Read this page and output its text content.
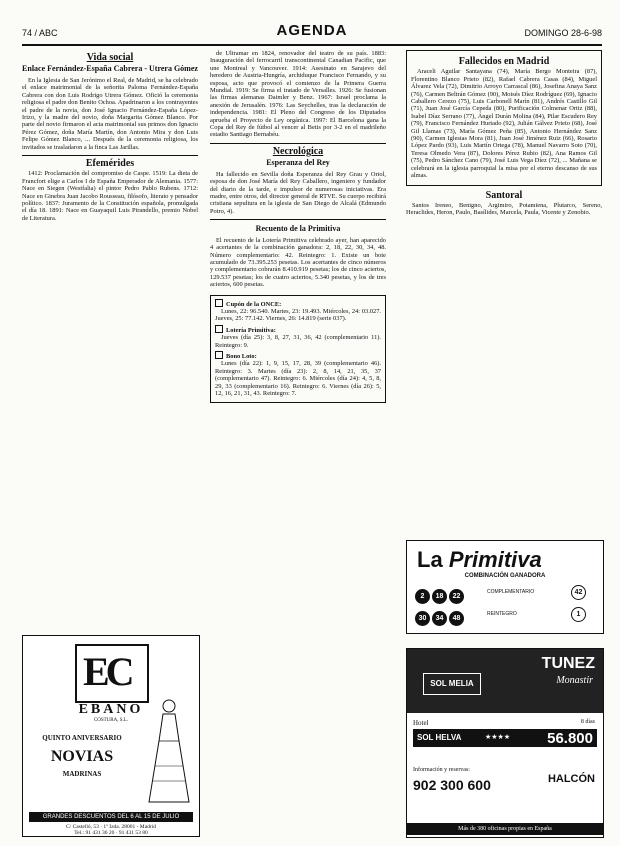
74 / ABC	AGENDA	DOMINGO 28-6-98
Vida social
Enlace Fernández-España Cabrera - Utrera Gómez

En la Iglesia de San Jerónimo el Real, de Madrid, se ha celebrado el enlace matrimonial de la señorita Paloma Fernández-España Cabrera con don Luis Rodrigo Utrera Gómez. Ofició la ceremonia religiosa el padre don Benito Ochoa. Apadrinaron a los contrayentes el padre de la novia, don José Ignacio Fernández-España López-Irizo, y la madre del novio, doña Margarita Gómez Blanco. Por parte del novio firmaron el acta matrimonial sus primos don Ignacio Pérez Gómez, doña María Martín, don Antonio Mira y don Luis Felipe Gómez Blanco, ... Después de la ceremonia religiosa, los invitados se trasladaron a la finca Las Jarillas.

Efemérides

1412: Proclamación del compromiso de Caspe. 1519: La dieta de Francfort elige a Carlos I de España Emperador de Alemania. 1577: Nace en Siegen (Westfalia) el pintor Pedro Pablo Rubens. 1712: Nace en Ginebra Juan Jacobo Rousseau, filósofo, literato y pensador político. 1837: Juramento de la Constitución española, promulgada el día 18. 1891: Nace en Guayaquil Luis Pirandello, premio Nobel de Literatura.

de Ultramar en 1824, renovador del teatro de su país. 1883: Inauguración del ferrocarril transcontinental Canadian Pacific, que une Montreal y Vancouver. 1914: Asesinato en Sarajevo del heredero de Austria-Hungría, archiduque Francisco Fernando, y su esposa, acto que provocó el comienzo de la Primera Guerra Mundial. 1919: Se firma el tratado de Versalles. 1926: Se fusionan las firmas alemanas Daimler y Benz. 1967: Israel proclama la anexión de Jerusalén. 1976: Las Seychelles, tras la declaración de independencia. 1981: El Pleno del Congreso de los Diputados aprueba el Proyecto de Ley orgánica. 1997: El Barcelona gana la Copa del Rey de fútbol al vencer al Betis por 3-2 en el madrileño estadio Santiago Bernabéu.

Necrológica
Esperanza del Rey

Ha fallecido en Sevilla doña Esperanza del Rey Grau y Oriol, esposa de don José María del Rey Caballero, ingeniero y fundador del diario de la tarde, e impulsor de numerosas iniciativas. Era madre, entre otros, del director general de RTVE. Su cuerpo recibirá cristiana sepultura en la iglesia de San Diego de Alcalá (Edmundo Potro, 4).

Recuento de la Primitiva

El recuento de la Lotería Primitiva celebrado ayer, han aparecido 4 acertantes de la combinación ganadora: 2, 18, 22, 30, 34, 48. Número complementario: 42. Reintegro: 1. Existe un bote acumulado de 73.395.253 pesetas. Los acertantes de cinco números y complementario cobrarán 8.410.919 pesetas; los de cinco aciertos, 129.537 pesetas; los de cuatro aciertos, 5.340 pesetas, y los de tres aciertos, 600 pesetas.

Cupón de la ONCE:

Lunes, 22: 96.540. Martes, 23: 19.493. Miércoles, 24: 03.027. Jueves, 25: 77.142. Viernes, 26: 14.819 (serie 037).

Lotería Primitiva:

Jueves (día 25): 3, 8, 27, 31, 36, 42 (complementario 11). Reintegro: 9.

Bono Loto:

Lunes (día 22): 1, 9, 15, 17, 28, 39 (complementario 46). Reintegro: 3. Martes (día 23): 2, 8, 14, 21, 35, 37 (complementario 47). Reintegro: 6. Miércoles (día 24): 4, 5, 8, 29, 33 (complementario 16). Reintegro: 6. Viernes (día 26): 5, 12, 16, 21, 31, 43. Reintegro: 7.

Fallecidos en Madrid

Araceli Aguilar Santayana (74), María Bergo Monteira (87), Florentino Blanco Prieto (82), Rafael Cabrera Casas (84), Miguel Álvarez Vela (72), Dimitrio Arroyo Carrascal (86), Josefina Anaya Sanz (76), Carmen Beltrán Gómez (90), Moisés Díez Rodríguez (69), Ignacio Caballero Cerezo (75), Luis Carbonell Marín (81), Andrés Castillo Gil (71), Juan José García Cepeda (80), Purificación Colmenar Ortiz (88), Isabel Díaz Serrano (77), Ángel Durán Molina (84), Pilar Escudero Rey (79), Francisco Fernández Hurtado (92), Julián Gálvez Prieto (68), José Gil Llamas (73), María Gómez Peña (85), Antonio Hernández Sanz (90), Carmen Iglesias Mora (81), Juan José Jiménez Ruiz (66), Rosario López Pardo (93), Luis Martín Ortega (78), Manuel Navarro Soto (70), Teresa Olmedo Vera (87), Dolores Pérez Rubio (82), Ana Ramos Gil (75), Pedro Sánchez Cano (79), José Luis Vega Díez (72), ... Mañana se celebrará en la iglesia parroquial la misa por el eterno descanso de sus almas.

Santoral

Santos Ireneo, Benigno, Argimiro, Potamiena, Plutarco, Sereno, Heraclides, Heron, Paulo, Basílides, Marcela, Paula, Vicente y Zenobio.

EC
EBANO
COSTURA, S.L.
QUINTO ANIVERSARIO
NOVIAS
MADRINAS
GRANDES DESCUENTOS DEL 6 AL 15 DE JULIO
C/ Castelló, 53 · 1º Izda. 28001 - Madrid
Tel.: 91 431 36 20 · 91 431 53 80
La Primitiva
COMBINACIÓN GANADORA
2 18 22
30 34 48
COMPLEMENTARIO	42
REINTEGRO	1
TUNEZ
Monastir
SOL MELIA
Hotel
SOL HELVA	★★★★ 56.800
8 días
Información y reservas:
902 300 600	HALCÓN
Más de 380 oficinas propias en España
